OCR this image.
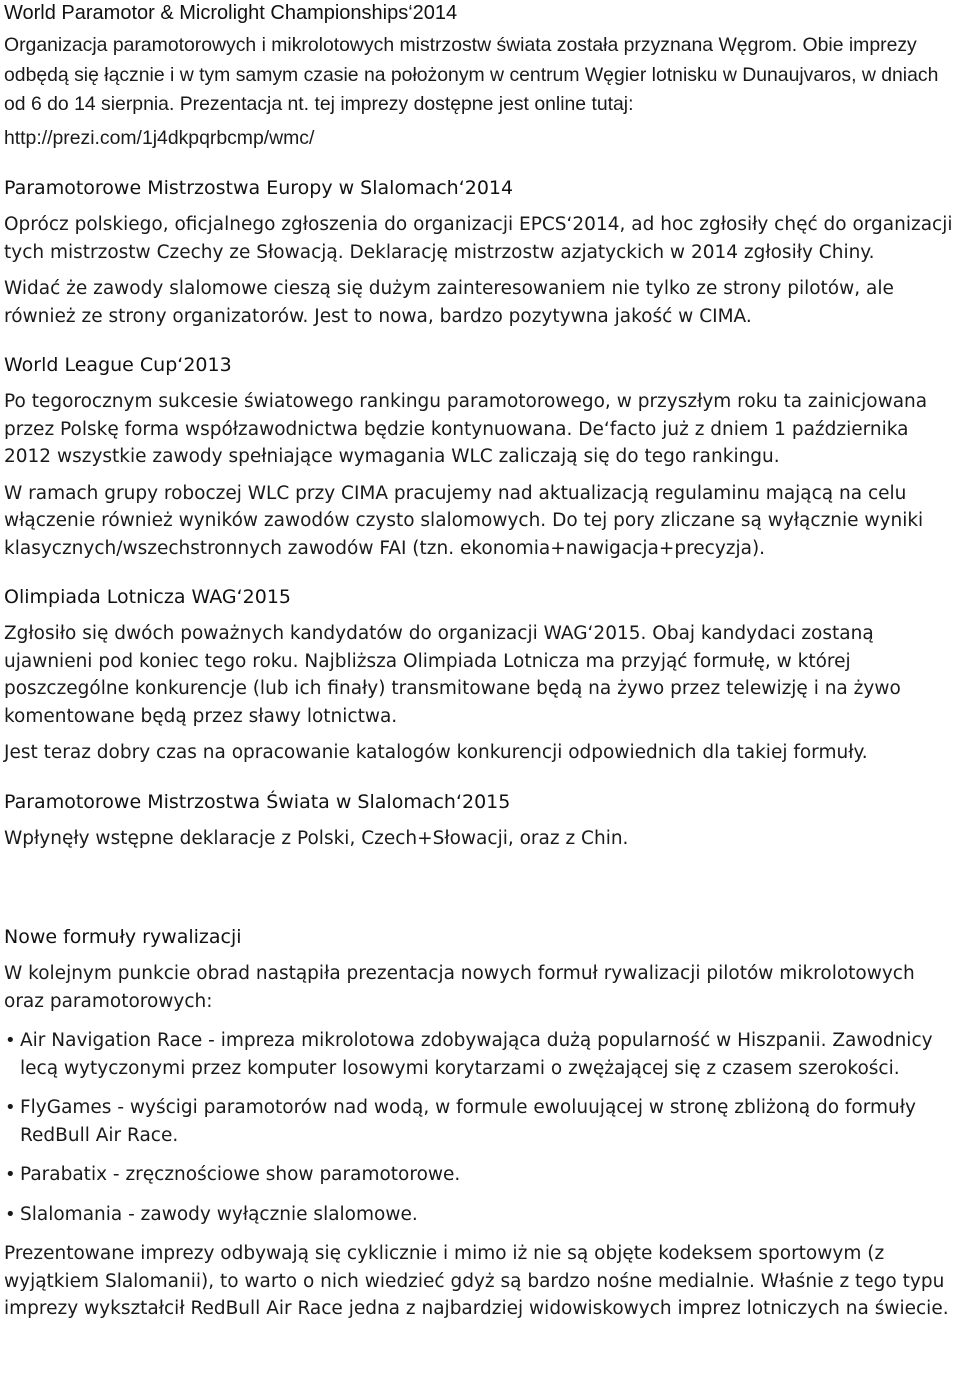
World Paramotor & Microlight Championships‘2014

Organizacja paramotorowych i mikrolotowych mistrzostw świata została przyznana Węgrom. Obie imprezy odbędą się łącznie i w tym samym czasie na położonym w centrum Węgier lotnisku w Dunaujvaros, w dniach od 6 do 14 sierpnia. Prezentacja nt. tej imprezy dostępne jest online tutaj:

http://prezi.com/1j4dkpqrbcmp/wmc/

Paramotorowe Mistrzostwa Europy w Slalomach‘2014

Oprócz polskiego, oficjalnego zgłoszenia do organizacji EPCS‘2014, ad hoc zgłosiły chęć do organizacji tych mistrzostw Czechy ze Słowacją. Deklarację mistrzostw azjatyckich w 2014 zgłosiły Chiny.

Widać że zawody slalomowe cieszą się dużym zainteresowaniem nie tylko ze strony pilotów, ale również ze strony organizatorów. Jest to nowa, bardzo pozytywna jakość w CIMA.

World League Cup‘2013

Po tegorocznym sukcesie światowego rankingu paramotorowego, w przyszłym roku ta zainicjowana przez Polskę forma współzawodnictwa będzie kontynuowana. De‘facto już z dniem 1 października 2012 wszystkie zawody spełniające wymagania WLC zaliczają się do tego rankingu.

W ramach grupy roboczej WLC przy CIMA pracujemy nad aktualizacją regulaminu mającą na celu włączenie również wyników zawodów czysto slalomowych. Do tej pory zliczane są wyłącznie wyniki klasycznych/wszechstronnych zawodów FAI (tzn. ekonomia+nawigacja+precyzja).

Olimpiada Lotnicza WAG‘2015

Zgłosiło się dwóch poważnych kandydatów do organizacji WAG‘2015. Obaj kandydaci zostaną ujawnieni pod koniec tego roku. Najbliższa Olimpiada Lotnicza ma przyjąć formułę, w której poszczególne konkurencje (lub ich finały) transmitowane będą na żywo przez telewizję i na żywo komentowane będą przez sławy lotnictwa.

Jest teraz dobry czas na opracowanie katalogów konkurencji odpowiednich dla takiej formuły.

Paramotorowe Mistrzostwa Świata w Slalomach‘2015

Wpłynęły wstępne deklaracje z Polski, Czech+Słowacji, oraz z Chin.

Nowe formuły rywalizacji

W kolejnym punkcie obrad nastąpiła prezentacja nowych formuł rywalizacji pilotów mikrolotowych oraz paramotorowych:

• Air Navigation Race - impreza mikrolotowa zdobywająca dużą popularność w Hiszpanii. Zawodnicy lecą wytyczonymi przez komputer losowymi korytarzami o zwężającej się z czasem szerokości.
• FlyGames - wyścigi paramotorów nad wodą, w formule ewoluującej w stronę zbliżoną do formuły RedBull Air Race.
• Parabatix - zręcznościowe show paramotorowe.
• Slalomania - zawody wyłącznie slalomowe.

Prezentowane imprezy odbywają się cyklicznie i mimo iż nie są objęte kodeksem sportowym (z wyjątkiem Slalomanii), to warto o nich wiedzieć gdyż są bardzo nośne medialnie. Właśnie z tego typu imprezy wykształcił RedBull Air Race jedna z najbardziej widowiskowych imprez lotniczych na świecie.
